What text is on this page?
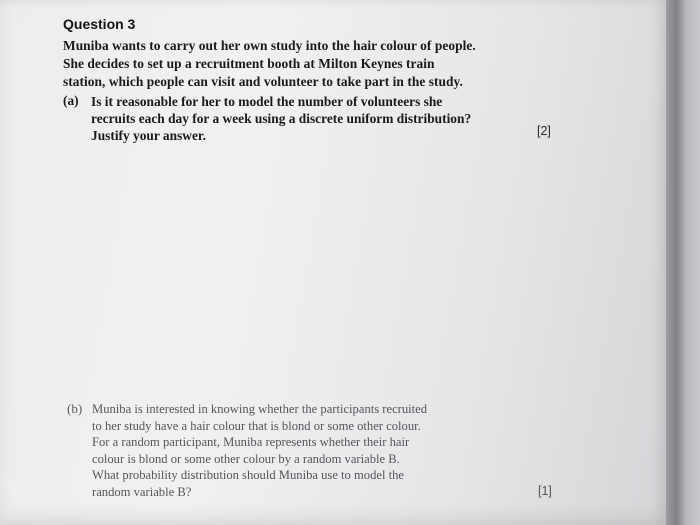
Question 3
Muniba wants to carry out her own study into the hair colour of people.
She decides to set up a recruitment booth at Milton Keynes train
station, which people can visit and volunteer to take part in the study.
(a) Is it reasonable for her to model the number of volunteers she
recruits each day for a week using a discrete uniform distribution?
Justify your answer.	[2]
(b) Muniba is interested in knowing whether the participants recruited
to her study have a hair colour that is blond or some other colour.
For a random participant, Muniba represents whether their hair
colour is blond or some other colour by a random variable B.
What probability distribution should Muniba use to model the
random variable B?	[1]
